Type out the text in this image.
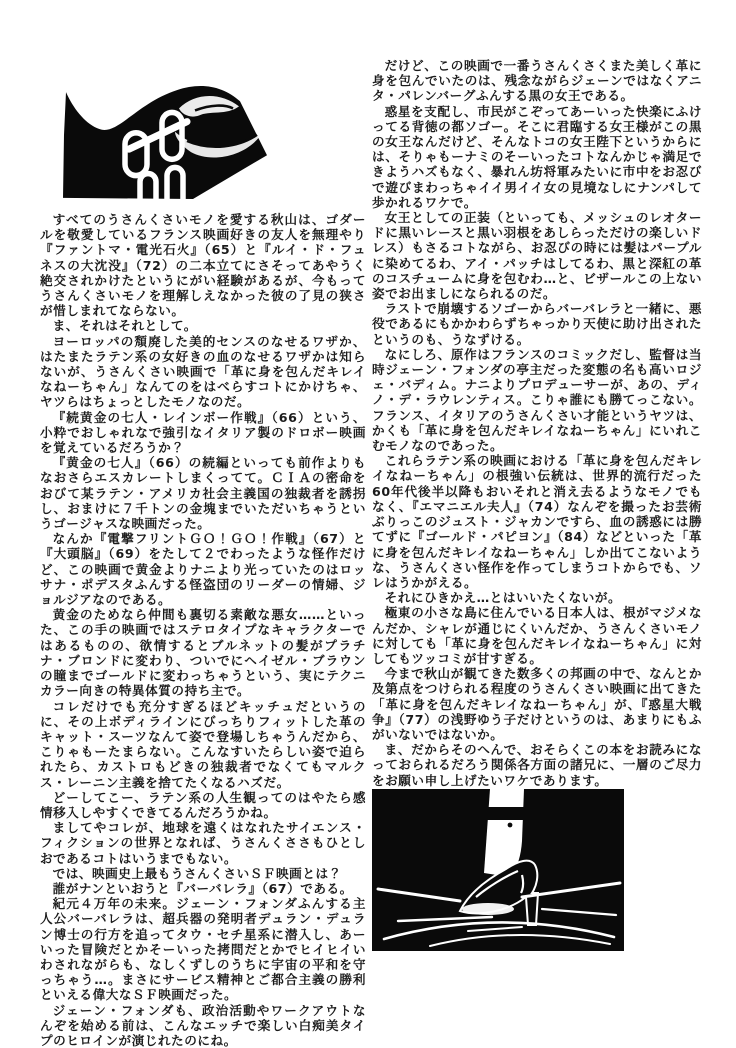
すべてのうさんくさいモノを愛する秋山は、ゴダールを敬愛しているフランス映画好きの友人を無理やり『ファントマ・電光石火』（65）と『ルイ・ド・フュネスの大沈没』（72）の二本立てにさそってあやうく絶交されかけたというにがい経験があるが、今もってうさんくさいモノを理解しえなかった彼の了見の狭さが惜しまれてならない。

ま、それはそれとして。

ヨーロッパの頽廃した美的センスのなせるワザか、はたまたラテン系の女好きの血のなせるワザかは知らないが、うさんくさい映画で「革に身を包んだキレイなねーちゃん」なんてのをはべらすコトにかけちゃ、ヤツらはちょっとしたモノなのだ。

『続黄金の七人・レインボー作戦』（66）という、小粋でおしゃれなで強引なイタリア製のドロボー映画を覚えているだろうか？

『黄金の七人』（66）の続編といっても前作よりもなおさらエスカレートしまくってて。ＣＩＡの密命をおびて某ラテン・アメリカ社会主義国の独裁者を誘拐し、おまけに７千トンの金塊までいただいちゃうというゴージャスな映画だった。

なんか『電撃フリントＧＯ！ＧＯ！作戦』（67）と『大頭脳』（69）をたして２でわったような怪作だけど、この映画で黄金よりナニより光っていたのはロッサナ・ポデスタふんする怪盗団のリーダーの情婦、ジョルジアなのである。

黄金のためなら仲間も裏切る素敵な悪女……といった、この手の映画ではステロタイプなキャラクターではあるものの、欲情するとブルネットの髪がプラチナ・ブロンドに変わり、ついでにヘイゼル・ブラウンの瞳までゴールドに変わっちゃうという、実にテクニカラー向きの特異体質の持ち主で。

コレだけでも充分すぎるほどキッチュだというのに、その上ボディラインにびっちりフィットした革のキャット・スーツなんて姿で登場しちゃうんだから、こりゃもーたまらない。こんなすいたらしい姿で迫られたら、カストロもどきの独裁者でなくてもマルクス・レーニン主義を捨てたくなるハズだ。

どーしてこー、ラテン系の人生観ってのはやたら感情移入しやすくできてるんだろうかね。

ましてやコレが、地球を遠くはなれたサイエンス・フィクションの世界となれば、うさんくささもひとしおであるコトはいうまでもない。

では、映画史上最もうさんくさいＳＦ映画とは？

誰がナンといおうと『バーバレラ』（67）である。

紀元４万年の未来。ジェーン・フォンダふんする主人公バーバレラは、超兵器の発明者デュラン・デュラン博士の行方を追ってタウ・セチ星系に潜入し、あーいった冒険だとかそーいった拷問だとかでヒイヒイいわされながらも、なしくずしのうちに宇宙の平和を守っちゃう…。まさにサービス精神とご都合主義の勝利といえる偉大なＳＦ映画だった。

ジェーン・フォンダも、政治活動やワークアウトなんぞを始める前は、こんなエッチで楽しい白痴美タイプのヒロインが演じれたのにね。

だけど、この映画で一番うさんくさくまた美しく革に身を包んでいたのは、残念ながらジェーンではなくアニタ・パレンバーグふんする黒の女王である。

惑星を支配し、市民がこぞってあーいった快楽にふけってる背徳の都ソゴー。そこに君臨する女王様がこの黒の女王なんだけど、そんなトコの女王陛下というからには、そりゃもーナミのそーいったコトなんかじゃ満足できようハズもなく、暴れん坊将軍みたいに市中をお忍びで遊びまわっちゃイイ男イイ女の見境なしにナンパして歩かれるワケで。

女王としての正装（といっても、メッシュのレオタードに黒いレースと黒い羽根をあしらっただけの楽しいドレス）もさるコトながら、お忍びの時には髪はパープルに染めてるわ、アイ・パッチはしてるわ、黒と深紅の革のコスチュームに身を包むわ…と、ビザールこの上ない姿でお出ましになられるのだ。

ラストで崩壊するソゴーからバーバレラと一緒に、悪役であるにもかかわらずちゃっかり天使に助け出されたというのも、うなずける。

なにしろ、原作はフランスのコミックだし、監督は当時ジェーン・フォンダの亭主だった変態の名も高いロジェ・バディム。ナニよりプロデューサーが、あの、ディノ・デ・ラウレンティス。こりゃ誰にも勝てっこない。フランス、イタリアのうさんくさい才能というヤツは、かくも「革に身を包んだキレイなねーちゃん」にいれこむモノなのであった。

これらラテン系の映画における「革に身を包んだキレイなねーちゃん」の根強い伝統は、世界的流行だった60年代後半以降もおいそれと消え去るようなモノでもなく、『エマニエル夫人』（74）なんぞを撮ったお芸術ぶりっこのジュスト・ジャカンですら、血の誘惑には勝てずに『ゴールド・パピヨン』（84）などといった「革に身を包んだキレイなねーちゃん」しか出てこないような、うさんくさい怪作を作ってしまうコトからでも、ソレはうかがえる。

それにひきかえ…とはいいたくないが。

極東の小さな島に住んでいる日本人は、根がマジメなんだか、シャレが通じにくいんだか、うさんくさいモノに対しても「革に身を包んだキレイなねーちゃん」に対してもツッコミが甘すぎる。

今まで秋山が観てきた数多くの邦画の中で、なんとか及第点をつけられる程度のうさんくさい映画に出てきた「革に身を包んだキレイなねーちゃん」が、『惑星大戦争』（77）の浅野ゆう子だけというのは、あまりにもふがいないではないか。

ま、だからそのへんで、おそらくこの本をお読みになっておられるだろう関係各方面の諸兄に、一層のご尽力をお願い申し上げたいワケであります。
